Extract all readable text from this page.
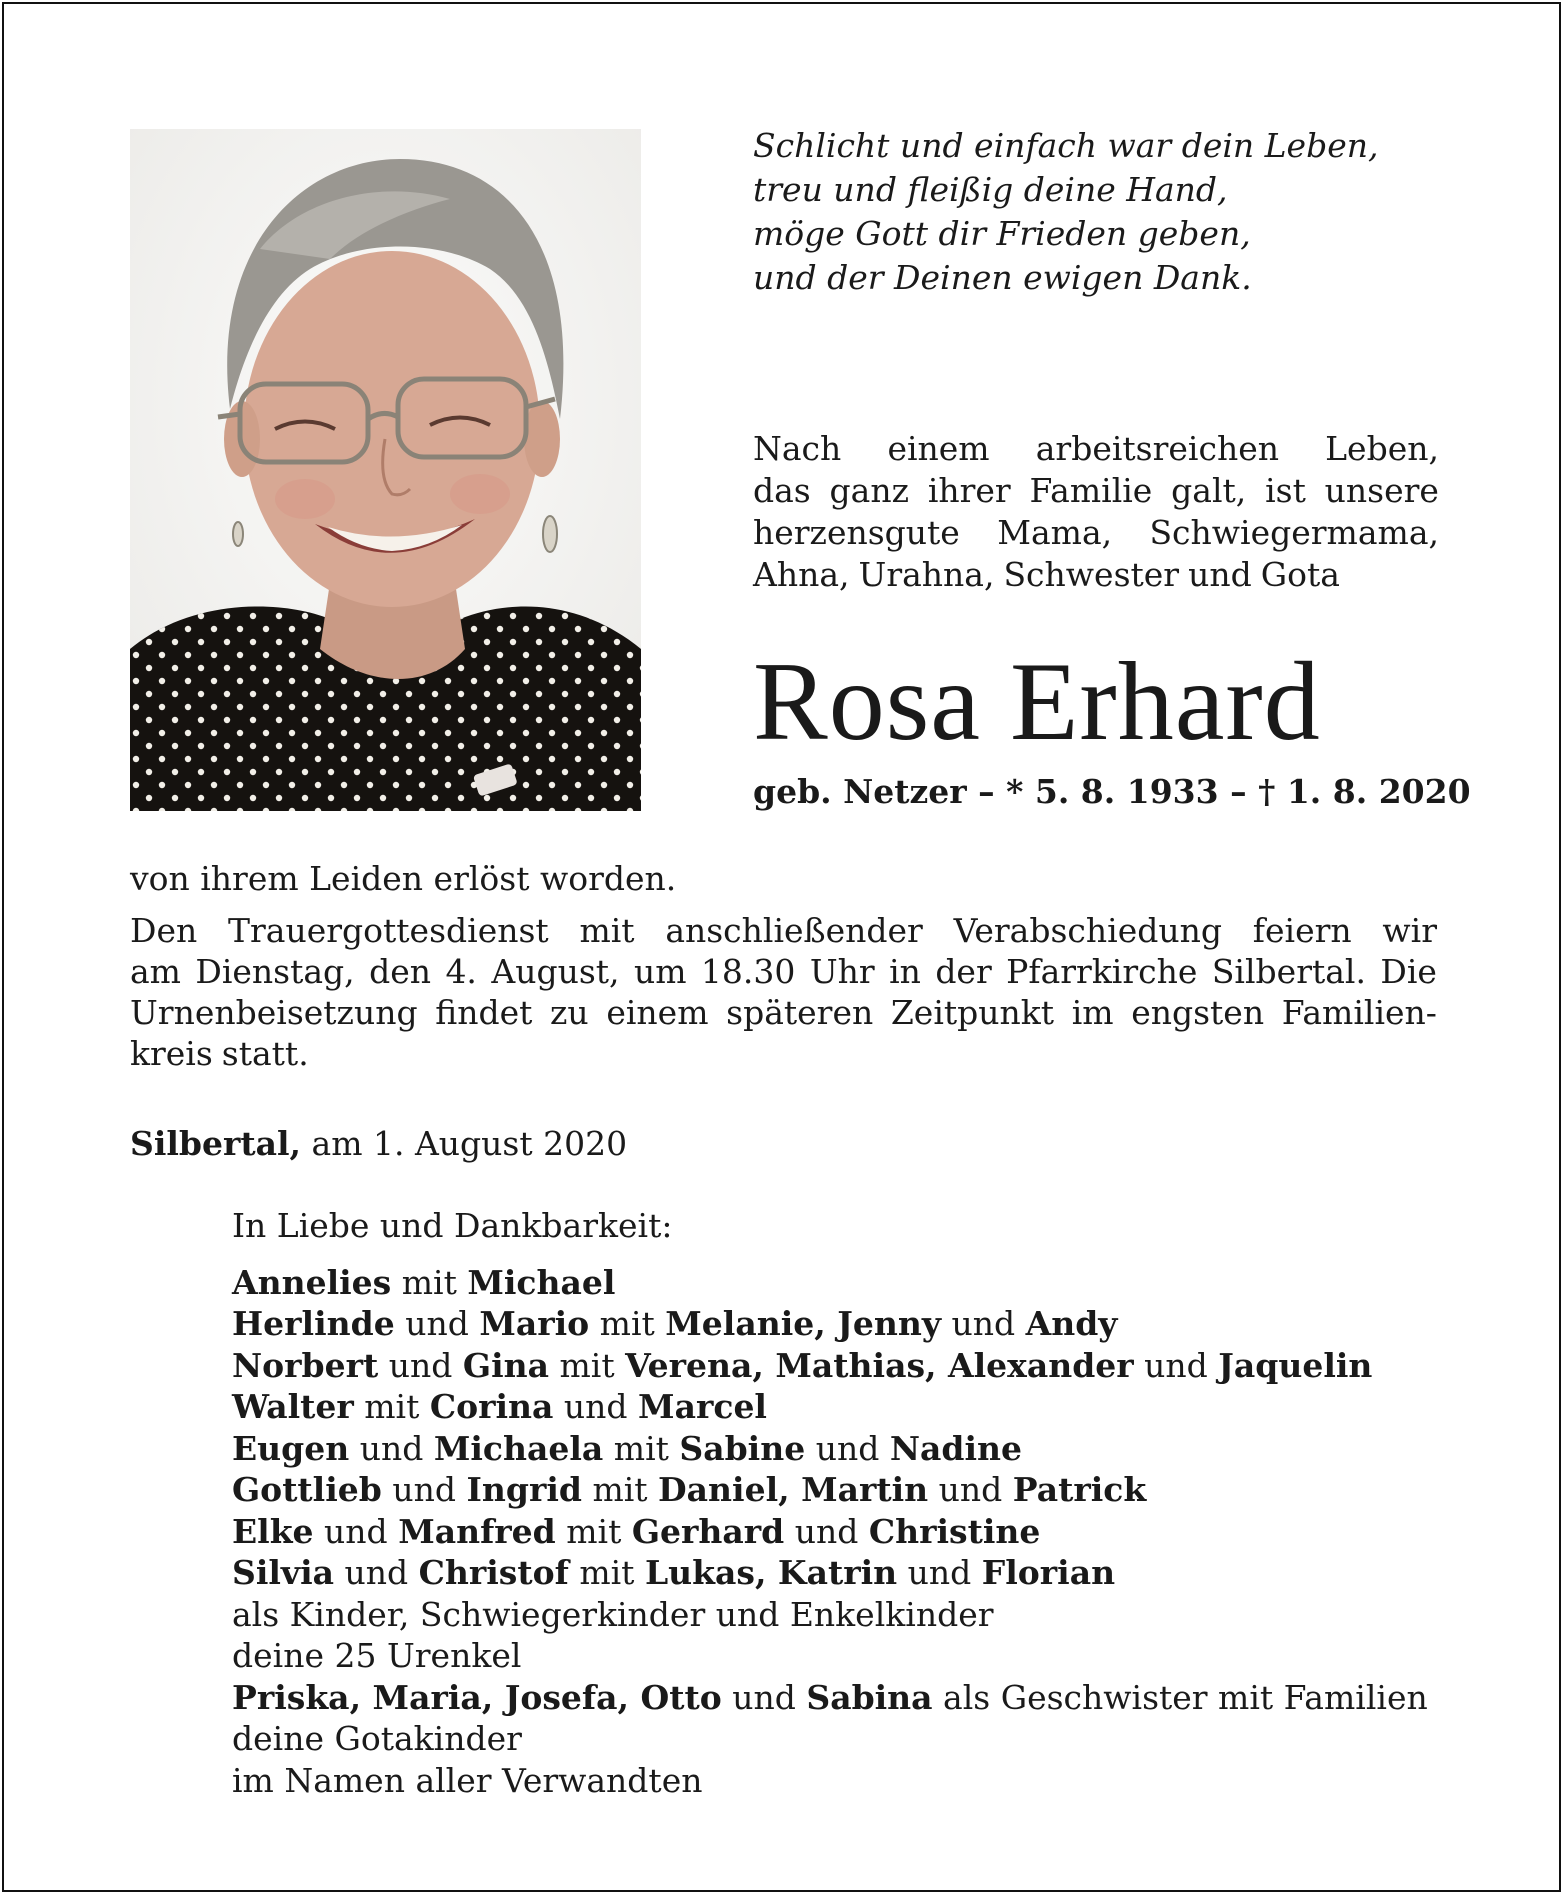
Schlicht und einfach war dein Leben,
treu und fleißig deine Hand,
möge Gott dir Frieden geben,
und der Deinen ewigen Dank.
Nach einem arbeitsreichen Leben,
das ganz ihrer Familie galt, ist unsere
herzensgute Mama, Schwiegermama,
Ahna, Urahna, Schwester und Gota
Rosa Erhard
geb. Netzer – * 5. 8. 1933 – † 1. 8. 2020
von ihrem Leiden erlöst worden.
Den Trauergottesdienst mit anschließender Verabschiedung feiern wir
am Dienstag, den 4. August, um 18.30 Uhr in der Pfarrkirche Silbertal. Die
Urnenbeisetzung findet zu einem späteren Zeitpunkt im engsten Familien-
kreis statt.
Silbertal, am 1. August 2020
In Liebe und Dankbarkeit:
Annelies mit Michael
Herlinde und Mario mit Melanie, Jenny und Andy
Norbert und Gina mit Verena, Mathias, Alexander und Jaquelin
Walter mit Corina und Marcel
Eugen und Michaela mit Sabine und Nadine
Gottlieb und Ingrid mit Daniel, Martin und Patrick
Elke und Manfred mit Gerhard und Christine
Silvia und Christof mit Lukas, Katrin und Florian
als Kinder, Schwiegerkinder und Enkelkinder
deine 25 Urenkel
Priska, Maria, Josefa, Otto und Sabina als Geschwister mit Familien
deine Gotakinder
im Namen aller Verwandten
